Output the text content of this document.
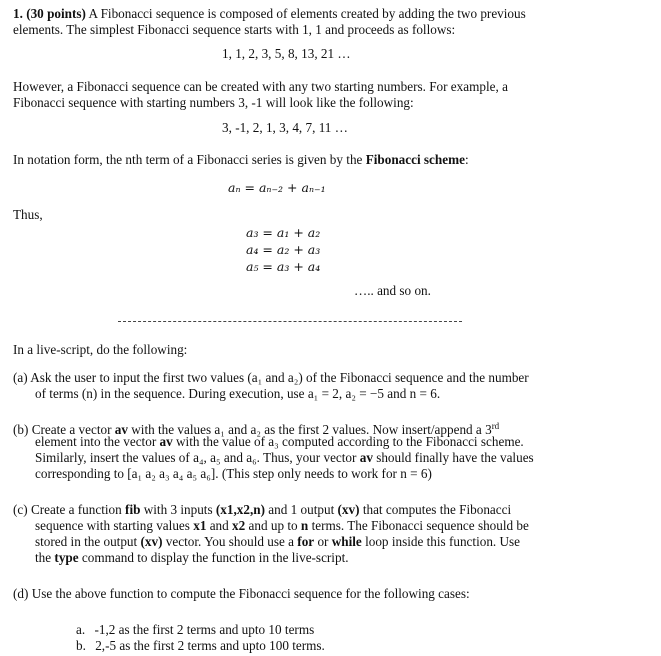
1. (30 points) A Fibonacci sequence is composed of elements created by adding the two previous
elements. The simplest Fibonacci sequence starts with 1, 1 and proceeds as follows:
1, 1, 2, 3, 5, 8, 13, 21 …
However, a Fibonacci sequence can be created with any two starting numbers. For example, a
Fibonacci sequence with starting numbers 3, -1 will look like the following:
3, -1, 2, 1, 3, 4, 7, 11 …
In notation form, the nth term of a Fibonacci series is given by the Fibonacci scheme:
aₙ = aₙ₋₂ + aₙ₋₁
Thus,
a₃ = a₁ + a₂
a₄ = a₂ + a₃
a₅ = a₃ + a₄
….. and so on.
In a live-script, do the following:
(a) Ask the user to input the first two values (a₁ and a₂) of the Fibonacci sequence and the number
of terms (n) in the sequence. During execution, use a₁ = 2, a₂ = −5 and n = 6.
(b) Create a vector av with the values a₁ and a₂ as the first 2 values. Now insert/append a 3rd
element into the vector av with the value of a₃ computed according to the Fibonacci scheme.
Similarly, insert the values of a₄, a₅ and a₆. Thus, your vector av should finally have the values
corresponding to [a₁ a₂ a₃ a₄ a₅ a₆]. (This step only needs to work for n = 6)
(c) Create a function fib with 3 inputs (x1,x2,n) and 1 output (xv) that computes the Fibonacci
sequence with starting values x1 and x2 and up to n terms. The Fibonacci sequence should be
stored in the output (xv) vector. You should use a for or while loop inside this function. Use
the type command to display the function in the live-script.
(d) Use the above function to compute the Fibonacci sequence for the following cases:
a. -1,2 as the first 2 terms and upto 10 terms
b. 2,-5 as the first 2 terms and upto 100 terms.
